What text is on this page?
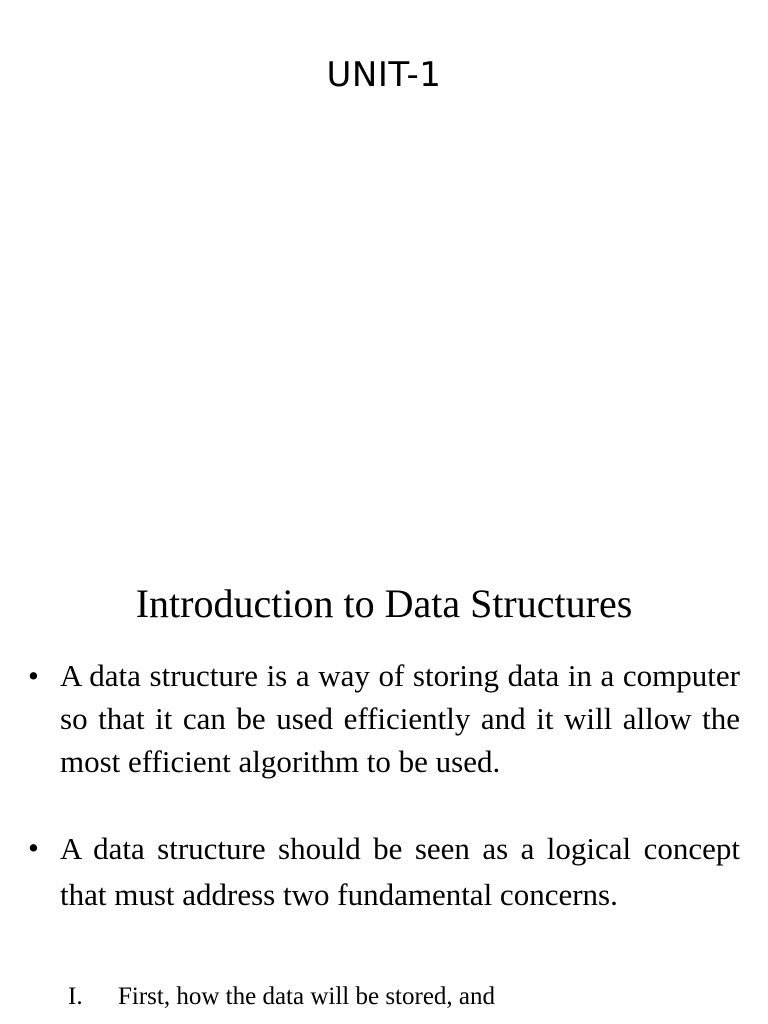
UNIT-1
Introduction to Data Structures
• A data structure is a way of storing data in a computer so that it can be used efficiently and it will allow the most efficient algorithm to be used.
• A data structure should be seen as a logical concept that must address two fundamental concerns.
I.	First, how the data will be stored, and
